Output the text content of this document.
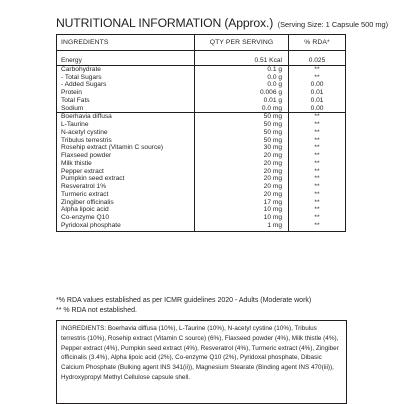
NUTRITIONAL INFORMATION (Approx.) (Serving Size: 1 Capsule 500 mg)
INGREDIENTS	QTY PER SERVING	% RDA*

Energy	0.51 Kcal	0.025
Carbohydrate	0.1 g	**
- Total Sugars	0.0 g	**
- Added Sugars	0.0 g	0.00
Protein	0.006 g	0.01
Total Fats	0.01 g	0.01
Sodium	0.0 mg	0.00
Boerhavia diffusa	50 mg	**
L-Taurine	50 mg	**
N-acetyl cystine	50 mg	**
Tribulus terrestris	50 mg	**
Rosehip extract (Vitamin C source)	30 mg	**
Flaxseed powder	20 mg	**
Milk thistle	20 mg	**
Pepper extract	20 mg	**
Pumpkin seed extract	20 mg	**
Resveratrol 1%	20 mg	**
Turmeric extract	20 mg	**
Zingiber officinalis	17 mg	**
Alpha lipoic acid	10 mg	**
Co-enzyme Q10	10 mg	**
Pyridoxal phosphate	1 mg	**
*% RDA values established as per ICMR guidelines 2020 - Adults (Moderate work)
** % RDA not established.
INGREDIENTS: Boerhavia diffusa (10%), L-Taurine (10%), N-acetyl cystine (10%), Tribulus terrestris (10%), Rosehip extract (Vitamin C source) (6%), Flaxseed powder (4%), Milk thistle (4%), Pepper extract (4%), Pumpkin seed extract (4%), Resveratrol (4%), Turmeric extract (4%), Zingiber officinalis (3.4%), Alpha lipoic acid (2%), Co-enzyme Q10 (2%), Pyridoxal phosphate, Dibasic Calcium Phosphate (Bulking agent INS 341(ii)), Magnesium Stearate (Binding agent INS 470(iii)), Hydroxypropyl Methyl Cellulose capsule shell.
